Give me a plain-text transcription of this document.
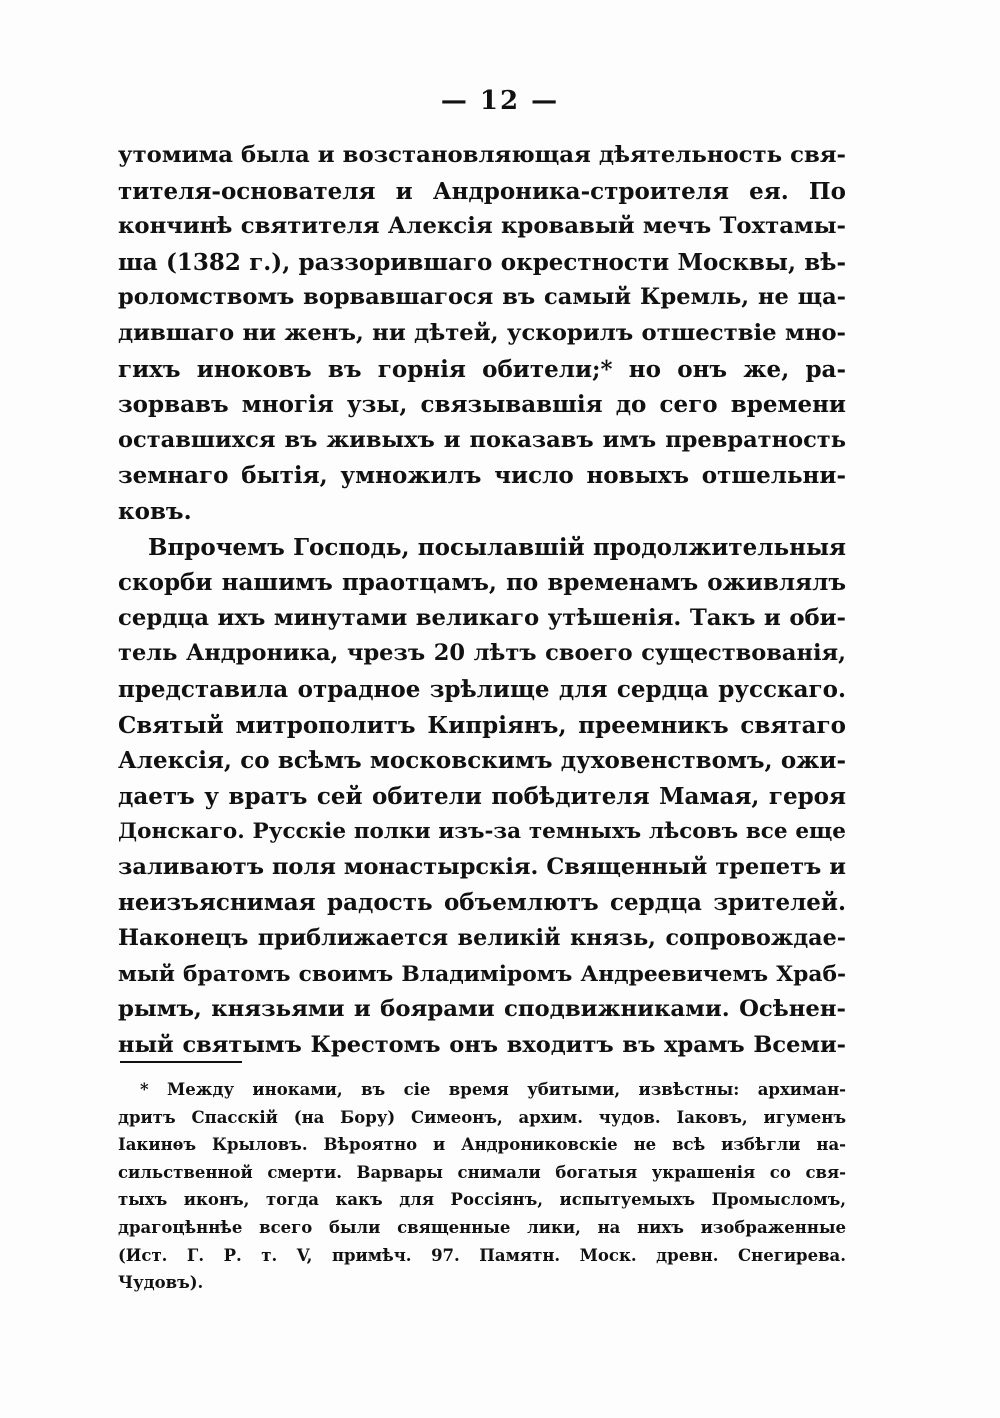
— 12 —
утомима была и возстановляющая дѣятельность свя-
тителя-основателя и Андроника-строителя ея. По
кончинѣ святителя Алексія кровавый мечъ Тохтамы-
ша (1382 г.), раззорившаго окрестности Москвы, вѣ-
роломствомъ ворвавшагося въ самый Кремль, не ща-
дившаго ни женъ, ни дѣтей, ускорилъ отшествіе мно-
гихъ иноковъ въ горнія обители;* но онъ же, ра-
зорвавъ многія узы, связывавшія до сего времени
оставшихся въ живыхъ и показавъ имъ превратность
земнаго бытія, умножилъ число новыхъ отшельни-
ковъ.
Впрочемъ Господь, посылавшій продолжительныя
скорби нашимъ праотцамъ, по временамъ оживлялъ
сердца ихъ минутами великаго утѣшенія. Такъ и оби-
тель Андроника, чрезъ 20 лѣтъ своего существованія,
представила отрадное зрѣлище для сердца русскаго.
Святый митрополитъ Кипріянъ, преемникъ святаго
Алексія, со всѣмъ московскимъ духовенствомъ, ожи-
даетъ у вратъ сей обители побѣдителя Мамая, героя
Донскаго. Русскіе полки изъ-за темныхъ лѣсовъ все еще
заливаютъ поля монастырскія. Священный трепетъ и
неизъяснимая радость объемлютъ сердца зрителей.
Наконецъ приближается великій князь, сопровождае-
мый братомъ своимъ Владиміромъ Андреевичемъ Храб-
рымъ, князьями и боярами сподвижниками. Осѣнен-
ный святымъ Крестомъ онъ входитъ въ храмъ Всеми-
* Между иноками, въ сіе время убитыми, извѣстны: архиман-
дритъ Спасскій (на Бору) Симеонъ, архим. чудов. Іаковъ, игуменъ
Іакинѳъ Крыловъ. Вѣроятно и Андрониковскіе не всѣ избѣгли на-
сильственной смерти. Варвары снимали богатыя украшенія со свя-
тыхъ иконъ, тогда какъ для Россіянъ, испытуемыхъ Промысломъ,
драгоцѣннѣе всего были священные лики, на нихъ изображенные
(Ист. Г. Р. т. V, примѣч. 97. Памятн. Моск. древн. Снегирева.
Чудовъ).
